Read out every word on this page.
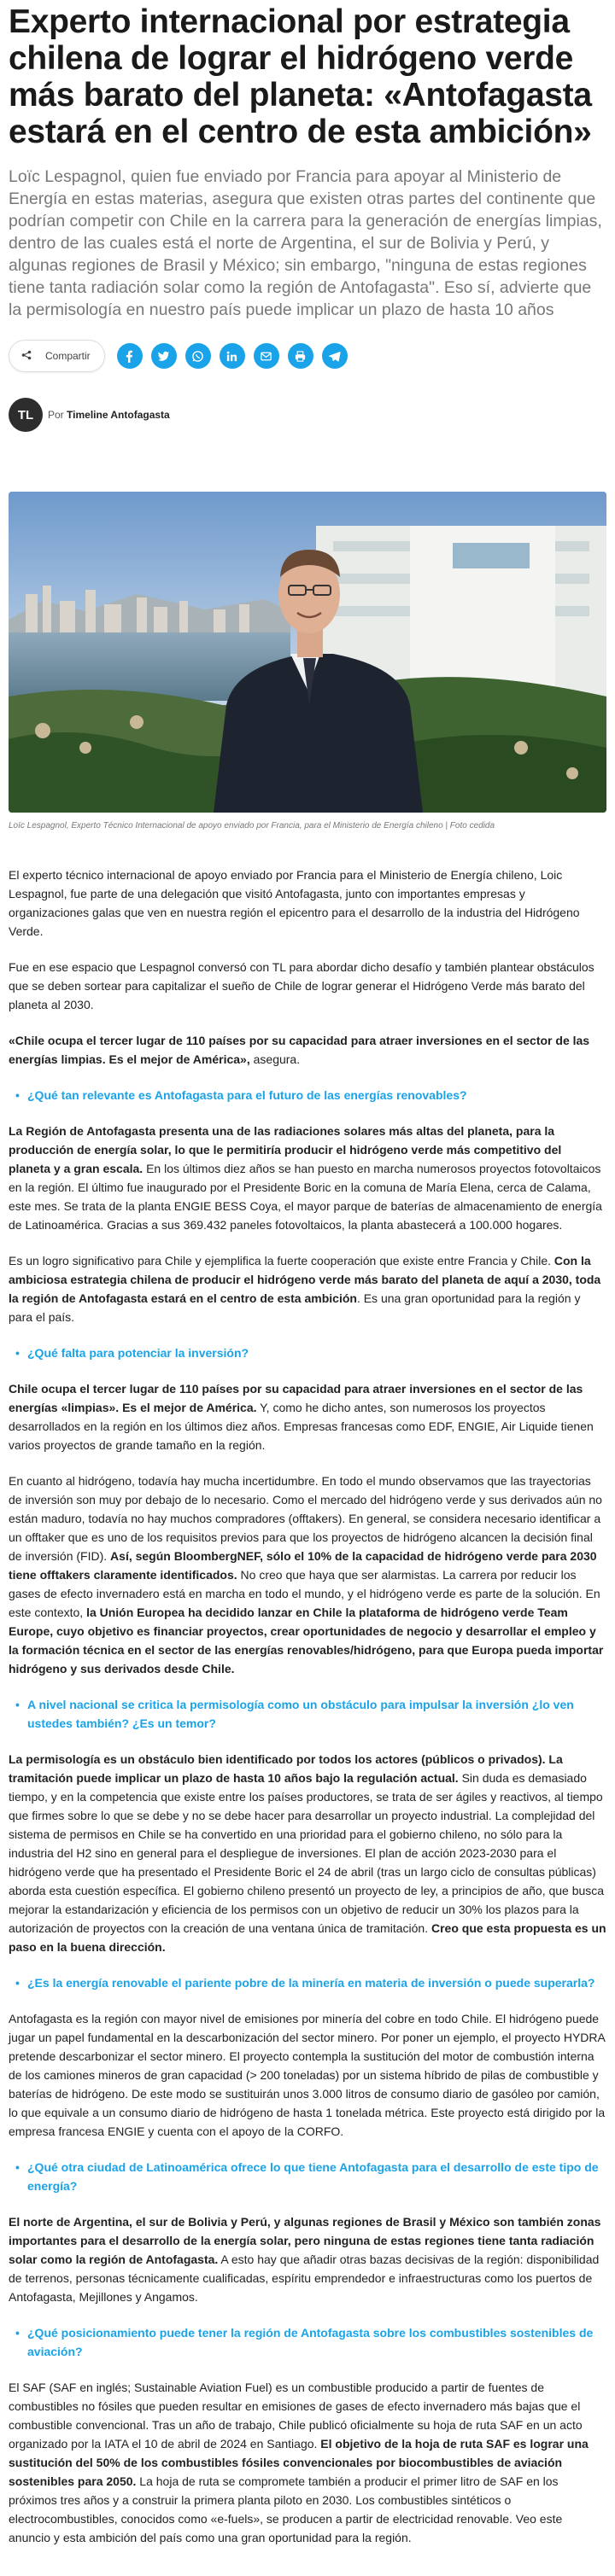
Experto internacional por estrategia chilena de lograr el hidrógeno verde más barato del planeta: «Antofagasta estará en el centro de esta ambición»

Loïc Lespagnol, quien fue enviado por Francia para apoyar al Ministerio de Energía en estas materias, asegura que existen otras partes del continente que podrían competir con Chile en la carrera para la generación de energías limpias, dentro de las cuales está el norte de Argentina, el sur de Bolivia y Perú, y algunas regiones de Brasil y México; sin embargo, "ninguna de estas regiones tiene tanta radiación solar como la región de Antofagasta". Eso sí, advierte que la permisología en nuestro país puede implicar un plazo de hasta 10 años

Compartir
TL	Por Timeline Antofagasta

Loïc Lespagnol, Experto Técnico Internacional de apoyo enviado por Francia, para el Ministerio de Energía chileno | Foto cedida

El experto técnico internacional de apoyo enviado por Francia para el Ministerio de Energía chileno, Loic Lespagnol, fue parte de una delegación que visitó Antofagasta, junto con importantes empresas y organizaciones galas que ven en nuestra región el epicentro para el desarrollo de la industria del Hidrógeno Verde.

Fue en ese espacio que Lespagnol conversó con TL para abordar dicho desafío y también plantear obstáculos que se deben sortear para capitalizar el sueño de Chile de lograr generar el Hidrógeno Verde más barato del planeta al 2030.

«Chile ocupa el tercer lugar de 110 países por su capacidad para atraer inversiones en el sector de las energías limpias. Es el mejor de América», asegura.

• ¿Qué tan relevante es Antofagasta para el futuro de las energías renovables?

La Región de Antofagasta presenta una de las radiaciones solares más altas del planeta, para la producción de energía solar, lo que le permitiría producir el hidrógeno verde más competitivo del planeta y a gran escala. En los últimos diez años se han puesto en marcha numerosos proyectos fotovoltaicos en la región. El último fue inaugurado por el Presidente Boric en la comuna de María Elena, cerca de Calama, este mes. Se trata de la planta ENGIE BESS Coya, el mayor parque de baterías de almacenamiento de energía de Latinoamérica. Gracias a sus 369.432 paneles fotovoltaicos, la planta abastecerá a 100.000 hogares.

Es un logro significativo para Chile y ejemplifica la fuerte cooperación que existe entre Francia y Chile. Con la ambiciosa estrategia chilena de producir el hidrógeno verde más barato del planeta de aquí a 2030, toda la región de Antofagasta estará en el centro de esta ambición. Es una gran oportunidad para la región y para el país.

• ¿Qué falta para potenciar la inversión?

Chile ocupa el tercer lugar de 110 países por su capacidad para atraer inversiones en el sector de las energías «limpias». Es el mejor de América. Y, como he dicho antes, son numerosos los proyectos desarrollados en la región en los últimos diez años. Empresas francesas como EDF, ENGIE, Air Liquide tienen varios proyectos de grande tamaño en la región.

En cuanto al hidrógeno, todavía hay mucha incertidumbre. En todo el mundo observamos que las trayectorias de inversión son muy por debajo de lo necesario. Como el mercado del hidrógeno verde y sus derivados aún no están maduro, todavía no hay muchos compradores (offtakers). En general, se considera necesario identificar a un offtaker que es uno de los requisitos previos para que los proyectos de hidrógeno alcancen la decisión final de inversión (FID). Así, según BloombergNEF, sólo el 10% de la capacidad de hidrógeno verde para 2030 tiene offtakers claramente identificados. No creo que haya que ser alarmistas. La carrera por reducir los gases de efecto invernadero está en marcha en todo el mundo, y el hidrógeno verde es parte de la solución. En este contexto, la Unión Europea ha decidido lanzar en Chile la plataforma de hidrógeno verde Team Europe, cuyo objetivo es financiar proyectos, crear oportunidades de negocio y desarrollar el empleo y la formación técnica en el sector de las energías renovables/hidrógeno, para que Europa pueda importar hidrógeno y sus derivados desde Chile.

• A nivel nacional se critica la permisología como un obstáculo para impulsar la inversión ¿lo ven ustedes también? ¿Es un temor?

La permisología es un obstáculo bien identificado por todos los actores (públicos o privados). La tramitación puede implicar un plazo de hasta 10 años bajo la regulación actual. Sin duda es demasiado tiempo, y en la competencia que existe entre los países productores, se trata de ser ágiles y reactivos, al tiempo que firmes sobre lo que se debe y no se debe hacer para desarrollar un proyecto industrial. La complejidad del sistema de permisos en Chile se ha convertido en una prioridad para el gobierno chileno, no sólo para la industria del H2 sino en general para el despliegue de inversiones. El plan de acción 2023-2030 para el hidrógeno verde que ha presentado el Presidente Boric el 24 de abril (tras un largo ciclo de consultas públicas) aborda esta cuestión específica. El gobierno chileno presentó un proyecto de ley, a principios de año, que busca mejorar la estandarización y eficiencia de los permisos con un objetivo de reducir un 30% los plazos para la autorización de proyectos con la creación de una ventana única de tramitación. Creo que esta propuesta es un paso en la buena dirección.

• ¿Es la energía renovable el pariente pobre de la minería en materia de inversión o puede superarla?

Antofagasta es la región con mayor nivel de emisiones por minería del cobre en todo Chile. El hidrógeno puede jugar un papel fundamental en la descarbonización del sector minero. Por poner un ejemplo, el proyecto HYDRA pretende descarbonizar el sector minero. El proyecto contempla la sustitución del motor de combustión interna de los camiones mineros de gran capacidad (> 200 toneladas) por un sistema híbrido de pilas de combustible y baterías de hidrógeno. De este modo se sustituirán unos 3.000 litros de consumo diario de gasóleo por camión, lo que equivale a un consumo diario de hidrógeno de hasta 1 tonelada métrica. Este proyecto está dirigido por la empresa francesa ENGIE y cuenta con el apoyo de la CORFO.

• ¿Qué otra ciudad de Latinoamérica ofrece lo que tiene Antofagasta para el desarrollo de este tipo de energía?

El norte de Argentina, el sur de Bolivia y Perú, y algunas regiones de Brasil y México son también zonas importantes para el desarrollo de la energía solar, pero ninguna de estas regiones tiene tanta radiación solar como la región de Antofagasta. A esto hay que añadir otras bazas decisivas de la región: disponibilidad de terrenos, personas técnicamente cualificadas, espíritu emprendedor e infraestructuras como los puertos de Antofagasta, Mejillones y Angamos.

• ¿Qué posicionamiento puede tener la región de Antofagasta sobre los combustibles sostenibles de aviación?

El SAF (SAF en inglés; Sustainable Aviation Fuel) es un combustible producido a partir de fuentes de combustibles no fósiles que pueden resultar en emisiones de gases de efecto invernadero más bajas que el combustible convencional. Tras un año de trabajo, Chile publicó oficialmente su hoja de ruta SAF en un acto organizado por la IATA el 10 de abril de 2024 en Santiago. El objetivo de la hoja de ruta SAF es lograr una sustitución del 50% de los combustibles fósiles convencionales por biocombustibles de aviación sostenibles para 2050. La hoja de ruta se compromete también a producir el primer litro de SAF en los próximos tres años y a construir la primera planta piloto en 2030. Los combustibles sintéticos o electrocombustibles, conocidos como «e-fuels», se producen a partir de electricidad renovable. Veo este anuncio y esta ambición del país como una gran oportunidad para la región.
